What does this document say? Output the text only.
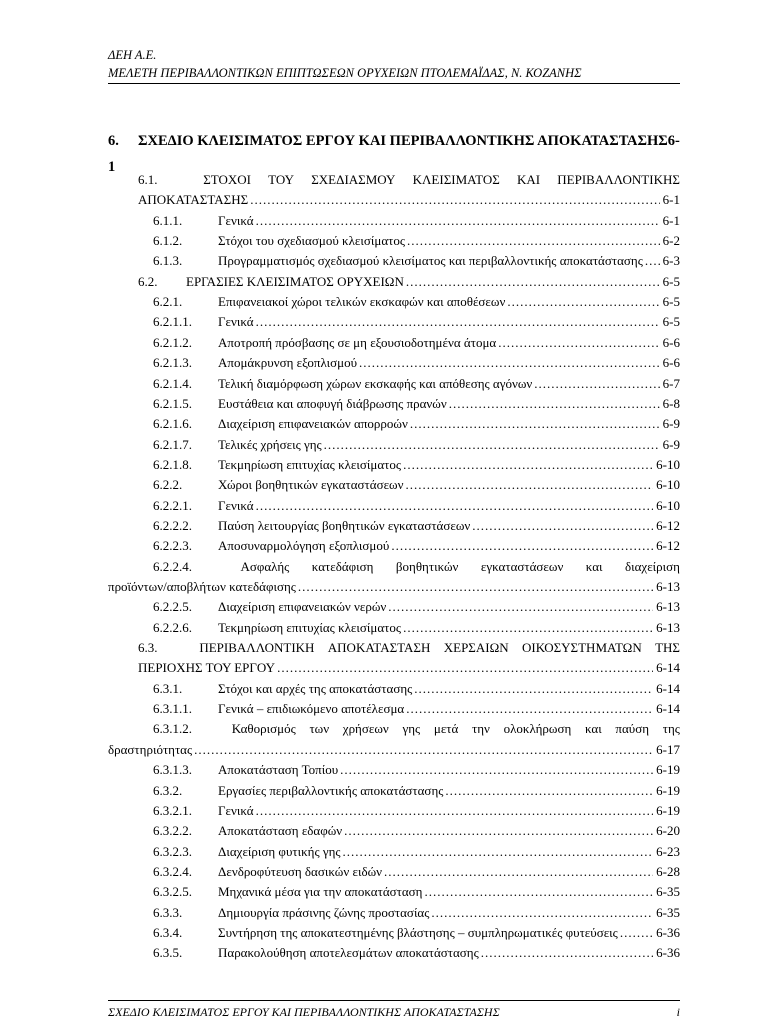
ΔΕΗ Α.Ε.
ΜΕΛΕΤΗ ΠΕΡΙΒΑΛΛΟΝΤΙΚΩΝ ΕΠΙΠΤΩΣΕΩΝ ΟΡΥΧΕΙΩΝ ΠΤΟΛΕΜΑΪΔΑΣ, Ν. ΚΟΖΑΝΗΣ
6. ΣΧΕΔΙΟ ΚΛΕΙΣΙΜΑΤΟΣ ΕΡΓΟΥ ΚΑΙ ΠΕΡΙΒΑΛΛΟΝΤΙΚΗΣ ΑΠΟΚΑΤΑΣΤΑΣΗΣ6-1
6.1.	ΣΤΟΧΟΙ ΤΟΥ ΣΧΕΔΙΑΣΜΟΥ ΚΛΕΙΣΙΜΑΤΟΣ ΚΑΙ ΠΕΡΙΒΑΛΛΟΝΤΙΚΗΣ
ΑΠΟΚΑΤΑΣΤΑΣΗΣ .....	6-1
6.1.1.	Γενικά .....	6-1
6.1.2.	Στόχοι του σχεδιασμού κλεισίματος .....	6-2
6.1.3.	Προγραμματισμός σχεδιασμού κλεισίματος και περιβαλλοντικής αποκατάστασης ..... 6-3
6.2.	ΕΡΓΑΣΙΕΣ ΚΛΕΙΣΙΜΑΤΟΣ ΟΡΥΧΕΙΩΝ .....	6-5
6.2.1.	Επιφανειακοί χώροι τελικών εκσκαφών και αποθέσεων .....	6-5
6.2.1.1.	Γενικά .....	6-5
6.2.1.2.	Αποτροπή πρόσβασης σε μη εξουσιοδοτημένα άτομα .....	6-6
6.2.1.3.	Απομάκρυνση εξοπλισμού .....	6-6
6.2.1.4.	Τελική διαμόρφωση χώρων εκσκαφής και απόθεσης αγόνων .....	6-7
6.2.1.5.	Ευστάθεια και αποφυγή διάβρωσης πρανών .....	6-8
6.2.1.6.	Διαχείριση επιφανειακών απορροών .....	6-9
6.2.1.7.	Τελικές χρήσεις γης .....	6-9
6.2.1.8.	Τεκμηρίωση επιτυχίας κλεισίματος .....	6-10
6.2.2.	Χώροι βοηθητικών εγκαταστάσεων .....	6-10
6.2.2.1.	Γενικά .....	6-10
6.2.2.2.	Παύση λειτουργίας βοηθητικών εγκαταστάσεων .....	6-12
6.2.2.3.	Αποσυναρμολόγηση εξοπλισμού .....	6-12
6.2.2.4.	Ασφαλής κατεδάφιση βοηθητικών εγκαταστάσεων και διαχείριση
προϊόντων/αποβλήτων κατεδάφισης .....	6-13
6.2.2.5.	Διαχείριση επιφανειακών νερών .....	6-13
6.2.2.6.	Τεκμηρίωση επιτυχίας κλεισίματος .....	6-13
6.3.	ΠΕΡΙΒΑΛΛΟΝΤΙΚΗ ΑΠΟΚΑΤΑΣΤΑΣΗ ΧΕΡΣΑΙΩΝ ΟΙΚΟΣΥΣΤΗΜΑΤΩΝ ΤΗΣ
ΠΕΡΙΟΧΗΣ ΤΟΥ ΕΡΓΟΥ .....	6-14
6.3.1.	Στόχοι και αρχές της αποκατάστασης .....	6-14
6.3.1.1.	Γενικά – επιδιωκόμενο αποτέλεσμα .....	6-14
6.3.1.2.	Καθορισμός των χρήσεων γης μετά την ολοκλήρωση και παύση της
δραστηριότητας .....	6-17
6.3.1.3.	Αποκατάσταση Τοπίου .....	6-19
6.3.2.	Εργασίες περιβαλλοντικής αποκατάστασης .....	6-19
6.3.2.1.	Γενικά .....	6-19
6.3.2.2.	Αποκατάσταση εδαφών .....	6-20
6.3.2.3.	Διαχείριση φυτικής γης .....	6-23
6.3.2.4.	Δενδροφύτευση δασικών ειδών .....	6-28
6.3.2.5.	Μηχανικά μέσα για την αποκατάσταση .....	6-35
6.3.3.	Δημιουργία πράσινης ζώνης προστασίας .....	6-35
6.3.4.	Συντήρηση της αποκατεστημένης βλάστησης – συμπληρωματικές φυτεύσεις .....	6-36
6.3.5.	Παρακολούθηση αποτελεσμάτων αποκατάστασης .....	6-36
ΣΧΕΔΙΟ ΚΛΕΙΣΙΜΑΤΟΣ ΕΡΓΟΥ ΚΑΙ ΠΕΡΙΒΑΛΛΟΝΤΙΚΗΣ ΑΠΟΚΑΤΑΣΤΑΣΗΣ	i
